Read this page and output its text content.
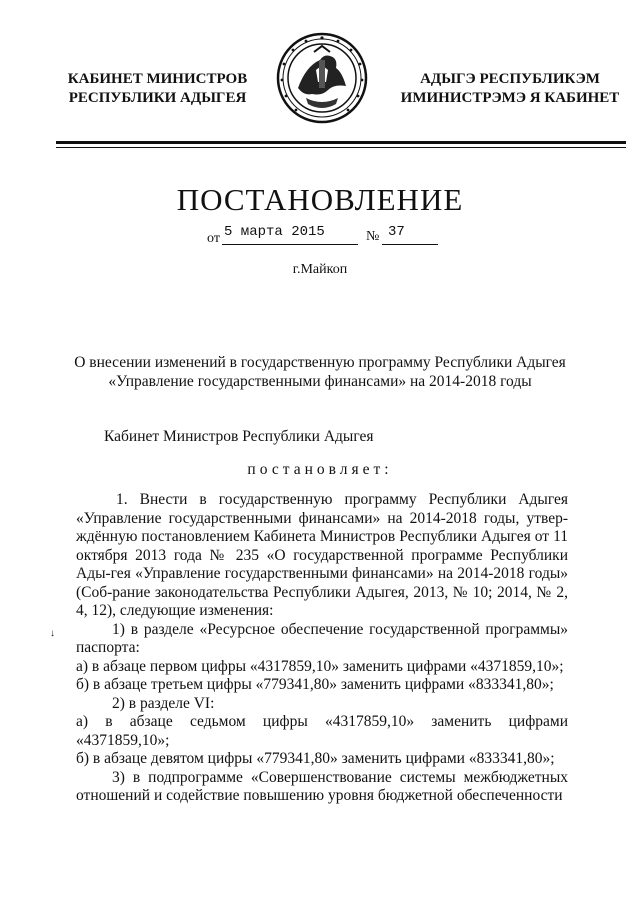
КАБИНЕТ МИНИСТРОВ
РЕСПУБЛИКИ АДЫГЕЯ
АДЫГЭ РЕСПУБЛИКЭМ
ИМИНИСТРЭМЭ Я КАБИНЕТ
ПОСТАНОВЛЕНИЕ
от 5 марта 2015	№ 37
г.Майкоп
О внесении изменений в государственную программу Республики Адыгея
«Управление государственными финансами» на 2014-2018 годы
Кабинет Министров Республики Адыгея
постановляет:
↓

1. Внести в государственную программу Республики Адыгея «Управление государственными финансами» на 2014-2018 годы, утвер-ждённую постановлением Кабинета Министров Республики Адыгея от 11 октября 2013 года № 235 «О государственной программе Республики Ады-гея «Управление государственными финансами» на 2014-2018 годы» (Соб-рание законодательства Республики Адыгея, 2013, № 10; 2014, № 2, 4, 12), следующие изменения:

1) в разделе «Ресурсное обеспечение государственной программы» паспорта:

а) в абзаце первом цифры «4317859,10» заменить цифрами «4371859,10»;

б) в абзаце третьем цифры «779341,80» заменить цифрами «833341,80»;

2) в разделе VI:

а) в абзаце седьмом цифры «4317859,10» заменить цифрами «4371859,10»;

б) в абзаце девятом цифры «779341,80» заменить цифрами «833341,80»;

3) в подпрограмме «Совершенствование системы межбюджетных отношений и содействие повышению уровня бюджетной обеспеченности
